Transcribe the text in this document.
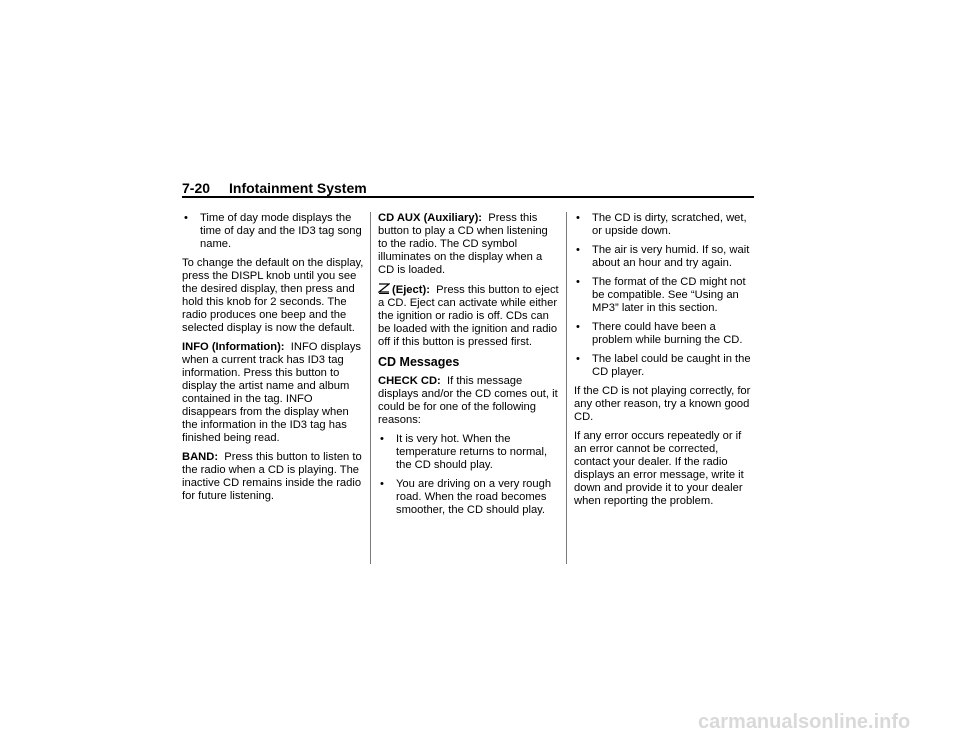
7-20 Infotainment System
• Time of day mode displays the time of day and the ID3 tag song name.

To change the default on the display, press the DISPL knob until you see the desired display, then press and hold this knob for 2 seconds. The radio produces one beep and the selected display is now the default.

INFO (Information): INFO displays when a current track has ID3 tag information. Press this button to display the artist name and album contained in the tag. INFO disappears from the display when the information in the ID3 tag has finished being read.

BAND: Press this button to listen to the radio when a CD is playing. The inactive CD remains inside the radio for future listening.

CD AUX (Auxiliary): Press this button to play a CD when listening to the radio. The CD symbol illuminates on the display when a CD is loaded.

(Eject): Press this button to eject a CD. Eject can activate while either the ignition or radio is off. CDs can be loaded with the ignition and radio off if this button is pressed first.

CD Messages

CHECK CD: If this message displays and/or the CD comes out, it could be for one of the following reasons:

• It is very hot. When the temperature returns to normal, the CD should play.
• You are driving on a very rough road. When the road becomes smoother, the CD should play.
• The CD is dirty, scratched, wet, or upside down.
• The air is very humid. If so, wait about an hour and try again.
• The format of the CD might not be compatible. See “Using an MP3” later in this section.
• There could have been a problem while burning the CD.
• The label could be caught in the CD player.

If the CD is not playing correctly, for any other reason, try a known good CD.

If any error occurs repeatedly or if an error cannot be corrected, contact your dealer. If the radio displays an error message, write it down and provide it to your dealer when reporting the problem.

carmanualsonline.info
